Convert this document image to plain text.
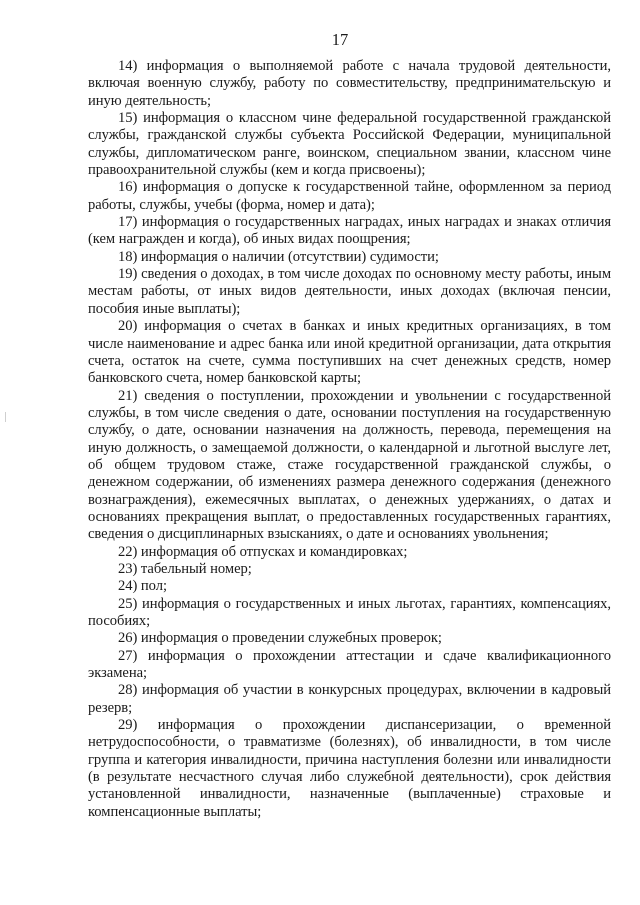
17

14) информация о выполняемой работе с начала трудовой деятельности, включая военную службу, работу по совместительству, предпринимательскую и иную деятельность;

15) информация о классном чине федеральной государственной гражданской службы, гражданской службы субъекта Российской Федерации, муниципальной службы, дипломатическом ранге, воинском, специальном звании, классном чине правоохранительной службы (кем и когда присвоены);

16) информация о допуске к государственной тайне, оформленном за период работы, службы, учебы (форма, номер и дата);

17) информация о государственных наградах, иных наградах и знаках отличия (кем награжден и когда), об иных видах поощрения;

18) информация о наличии (отсутствии) судимости;

19) сведения о доходах, в том числе доходах по основному месту работы, иным местам работы, от иных видов деятельности, иных доходах (включая пенсии, пособия иные выплаты);

20) информация о счетах в банках и иных кредитных организациях, в том числе наименование и адрес банка или иной кредитной организации, дата открытия счета, остаток на счете, сумма поступивших на счет денежных средств, номер банковского счета, номер банковской карты;

21) сведения о поступлении, прохождении и увольнении с государственной службы, в том числе сведения о дате, основании поступления на государственную службу, о дате, основании назначения на должность, перевода, перемещения на иную должность, о замещаемой должности, о календарной и льготной выслуге лет, об общем трудовом стаже, стаже государственной гражданской службы, о денежном содержании, об изменениях размера денежного содержания (денежного вознаграждения), ежемесячных выплатах, о денежных удержаниях, о датах и основаниях прекращения выплат, о предоставленных государственных гарантиях, сведения о дисциплинарных взысканиях, о дате и основаниях увольнения;

22) информация об отпусках и командировках;

23) табельный номер;

24) пол;

25) информация о государственных и иных льготах, гарантиях, компенсациях, пособиях;

26) информация о проведении служебных проверок;

27) информация о прохождении аттестации и сдаче квалификационного экзамена;

28) информация об участии в конкурсных процедурах, включении в кадровый резерв;

29) информация о прохождении диспансеризации, о временной нетрудоспособности, о травматизме (болезнях), об инвалидности, в том числе группа и категория инвалидности, причина наступления болезни или инвалидности (в результате несчастного случая либо служебной деятельности), срок действия установленной инвалидности, назначенные (выплаченные) страховые и компенсационные выплаты;
